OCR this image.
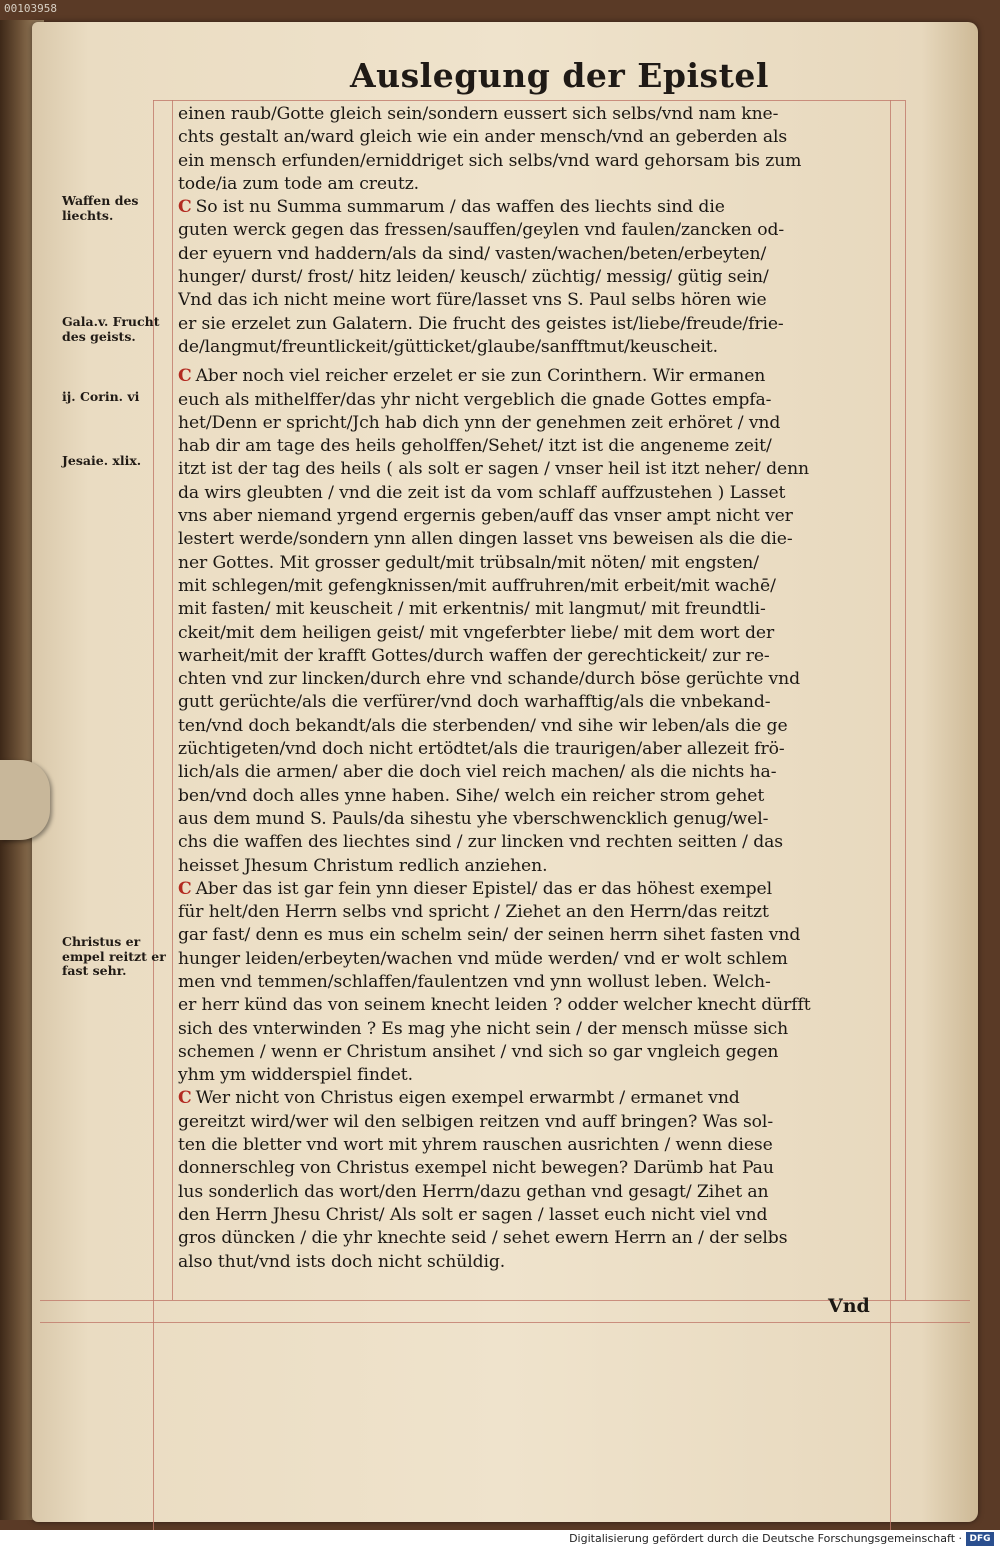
00103958
Auslegung der Epistel
Waffen des liechts.
Gala.v. Frucht des geists.
ij. Corin. vi
Jesaie. xlix.
Christus er empel reitzt er fast sehr.
einen raub/Gotte gleich sein/sondern eussert sich selbs/vnd nam kne-
chts gestalt an/ward gleich wie ein ander mensch/vnd an geberden als
ein mensch erfunden/erniddriget sich selbs/vnd ward gehorsam bis zum
tode/ia zum tode am creutz.
C So ist nu Summa summarum / das waffen des liechts sind die
guten werck gegen das fressen/sauffen/geylen vnd faulen/zancken od-
der eyuern vnd haddern/als da sind/ vasten/wachen/beten/erbeyten/
hunger/ durst/ frost/ hitz leiden/ keusch/ züchtig/ messig/ gütig sein/
Vnd das ich nicht meine wort füre/lasset vns S. Paul selbs hören wie
er sie erzelet zun Galatern. Die frucht des geistes ist/liebe/freude/frie-
de/langmut/freuntlickeit/gütticket/glaube/sanfftmut/keuscheit.
C Aber noch viel reicher erzelet er sie zun Corinthern. Wir ermanen
euch als mithelffer/das yhr nicht vergeblich die gnade Gottes empfa-
het/Denn er spricht/Jch hab dich ynn der genehmen zeit erhöret / vnd
hab dir am tage des heils geholffen/Sehet/ itzt ist die angeneme zeit/
itzt ist der tag des heils ( als solt er sagen / vnser heil ist itzt neher/ denn
da wirs gleubten / vnd die zeit ist da vom schlaff auffzustehen ) Lasset
vns aber niemand yrgend ergernis geben/auff das vnser ampt nicht ver
lestert werde/sondern ynn allen dingen lasset vns beweisen als die die-
ner Gottes. Mit grosser gedult/mit trübsaln/mit nöten/ mit engsten/
mit schlegen/mit gefengknissen/mit auffruhren/mit erbeit/mit wachē/
mit fasten/ mit keuscheit / mit erkentnis/ mit langmut/ mit freundtli-
ckeit/mit dem heiligen geist/ mit vngeferbter liebe/ mit dem wort der
warheit/mit der krafft Gottes/durch waffen der gerechtickeit/ zur re-
chten vnd zur lincken/durch ehre vnd schande/durch böse gerüchte vnd
gutt gerüchte/als die verfürer/vnd doch warhafftig/als die vnbekand-
ten/vnd doch bekandt/als die sterbenden/ vnd sihe wir leben/als die ge
züchtigeten/vnd doch nicht ertödtet/als die traurigen/aber allezeit frö-
lich/als die armen/ aber die doch viel reich machen/ als die nichts ha-
ben/vnd doch alles ynne haben. Sihe/ welch ein reicher strom gehet
aus dem mund S. Pauls/da sihestu yhe vberschwencklich genug/wel-
chs die waffen des liechtes sind / zur lincken vnd rechten seitten / das
heisset Jhesum Christum redlich anziehen.
C Aber das ist gar fein ynn dieser Epistel/ das er das höhest exempel
für helt/den Herrn selbs vnd spricht / Ziehet an den Herrn/das reitzt
gar fast/ denn es mus ein schelm sein/ der seinen herrn sihet fasten vnd
hunger leiden/erbeyten/wachen vnd müde werden/ vnd er wolt schlem
men vnd temmen/schlaffen/faulentzen vnd ynn wollust leben. Welch-
er herr künd das von seinem knecht leiden ? odder welcher knecht dürfft
sich des vnterwinden ? Es mag yhe nicht sein / der mensch müsse sich
schemen / wenn er Christum ansihet / vnd sich so gar vngleich gegen
yhm ym widderspiel findet.
C Wer nicht von Christus eigen exempel erwarmbt / ermanet vnd
gereitzt wird/wer wil den selbigen reitzen vnd auff bringen? Was sol-
ten die bletter vnd wort mit yhrem rauschen ausrichten / wenn diese
donnerschleg von Christus exempel nicht bewegen? Darümb hat Pau
lus sonderlich das wort/den Herrn/dazu gethan vnd gesagt/ Zihet an
den Herrn Jhesu Christ/ Als solt er sagen / lasset euch nicht viel vnd
gros düncken / die yhr knechte seid / sehet ewern Herrn an / der selbs
also thut/vnd ists doch nicht schüldig.
Vnd
Digitalisierung gefördert durch die Deutsche Forschungsgemeinschaft · DFG
